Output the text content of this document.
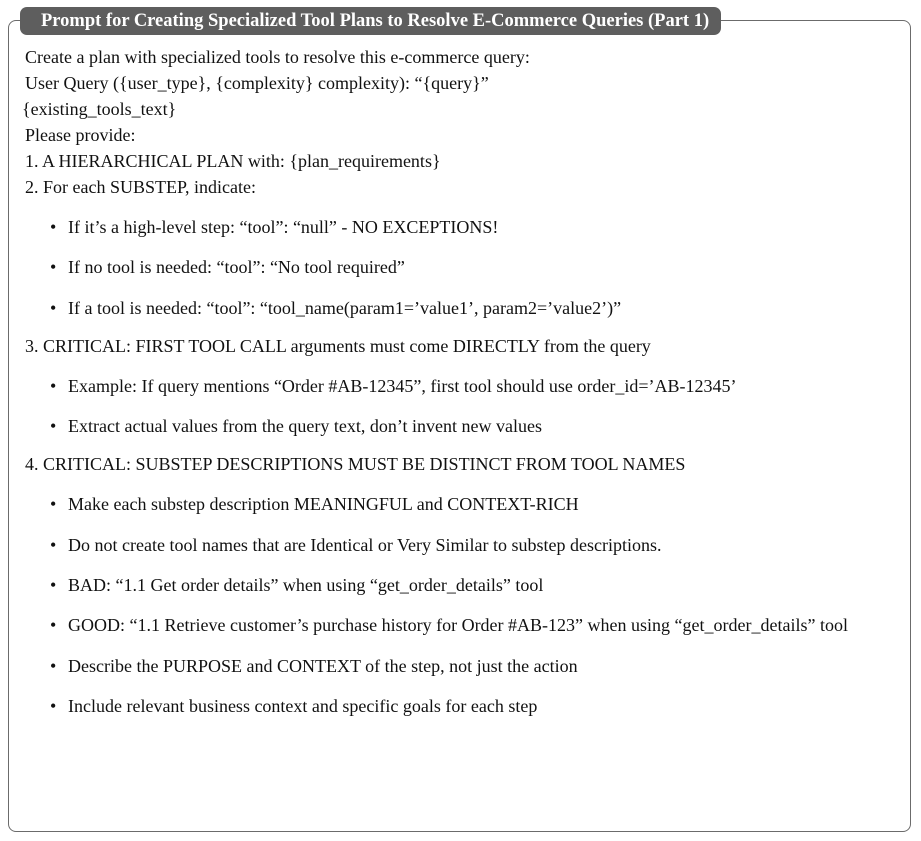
Prompt for Creating Specialized Tool Plans to Resolve E-Commerce Queries (Part 1)
Create a plan with specialized tools to resolve this e-commerce query:
User Query ({user_type}, {complexity} complexity): “{query}”
{existing_tools_text}
Please provide:
1. A HIERARCHICAL PLAN with: {plan_requirements}
2. For each SUBSTEP, indicate:
• If it’s a high-level step: “tool”: “null” - NO EXCEPTIONS!
• If no tool is needed: “tool”: “No tool required”
• If a tool is needed: “tool”: “tool_name(param1=’value1’, param2=’value2’)”
3. CRITICAL: FIRST TOOL CALL arguments must come DIRECTLY from the query
• Example: If query mentions “Order #AB-12345”, first tool should use order_id=’AB-12345’
• Extract actual values from the query text, don’t invent new values
4. CRITICAL: SUBSTEP DESCRIPTIONS MUST BE DISTINCT FROM TOOL NAMES
• Make each substep description MEANINGFUL and CONTEXT-RICH
• Do not create tool names that are Identical or Very Similar to substep descriptions.
• BAD: “1.1 Get order details” when using “get_order_details” tool
• GOOD: “1.1 Retrieve customer’s purchase history for Order #AB-123” when using “get_order_details” tool
• Describe the PURPOSE and CONTEXT of the step, not just the action
• Include relevant business context and specific goals for each step
